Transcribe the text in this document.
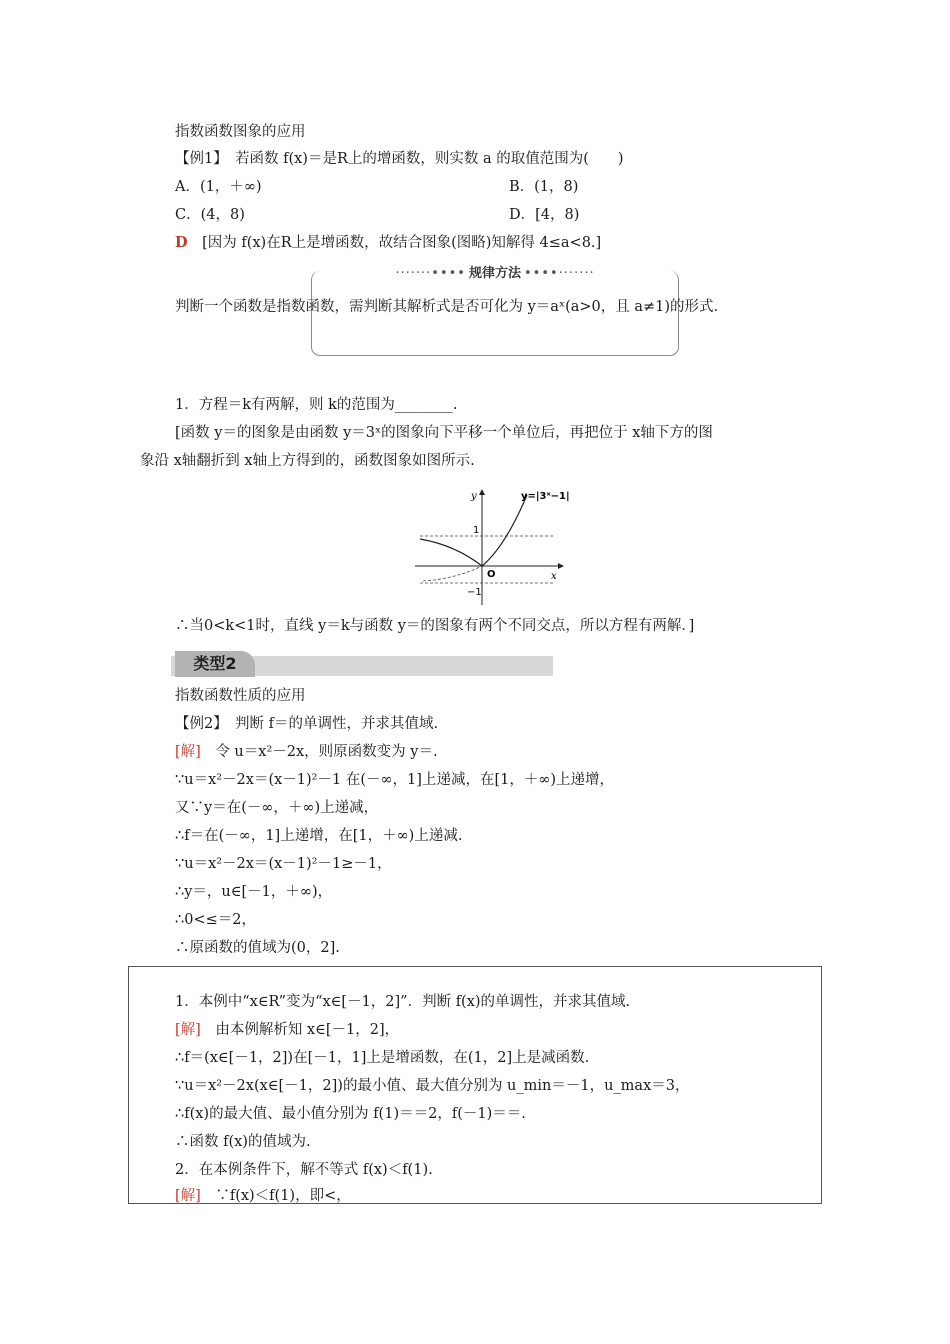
指数函数图象的应用
【例1】　 若函数 f(x)＝是R上的增函数，则实数 a 的取值范围为(　　)
A．(1，＋∞)	B．(1，8)
C．(4，8)	D．[4，8)
D　 [因为 f(x)在R上是增函数，故结合图象(图略)知解得 4≤a<8.]
·······•••• 规律方法 ••••·······
判断一个函数是指数函数，需判断其解析式是否可化为 y＝aˣ(a>0，且 a≠1)的形式.
1．方程＝k有两解，则 k的范围为________.
[函数 y＝的图象是由函数 y＝3ˣ的图象向下平移一个单位后，再把位于 x轴下方的图
象沿 x轴翻折到 x轴上方得到的，函数图象如图所示.
y
x
O
1
−1
y=|3ˣ−1|
∴当0<k<1时，直线 y＝k与函数 y＝的图象有两个不同交点，所以方程有两解．]
类型2
指数函数性质的应用
【例2】　 判断 f＝的单调性，并求其值域.
[解]　 令 u＝x²－2x，则原函数变为 y＝.
∵u＝x²－2x＝(x－1)²－1 在(－∞，1]上递减，在[1，＋∞)上递增，
又∵y＝在(－∞，＋∞)上递减，
∴f＝在(－∞，1]上递增，在[1，＋∞)上递减.
∵u＝x²－2x＝(x－1)²－1≥－1，
∴y＝，u∈[－1，＋∞)，
∴0<≤＝2，
∴原函数的值域为(0，2].
1．本例中“x∈R”变为“x∈[－1，2]”．判断 f(x)的单调性，并求其值域.
[解]　 由本例解析知 x∈[－1，2]，
∴f＝(x∈[－1，2])在[－1，1]上是增函数，在(1，2]上是减函数.
∵u＝x²－2x(x∈[－1，2])的最小值、最大值分别为 u_min＝－1，u_max＝3，
∴f(x)的最大值、最小值分别为 f(1)＝＝2，f(－1)＝＝.
∴函数 f(x)的值域为.
2．在本例条件下，解不等式 f(x)＜f(1).
[解]　 ∵f(x)＜f(1)，即<，
